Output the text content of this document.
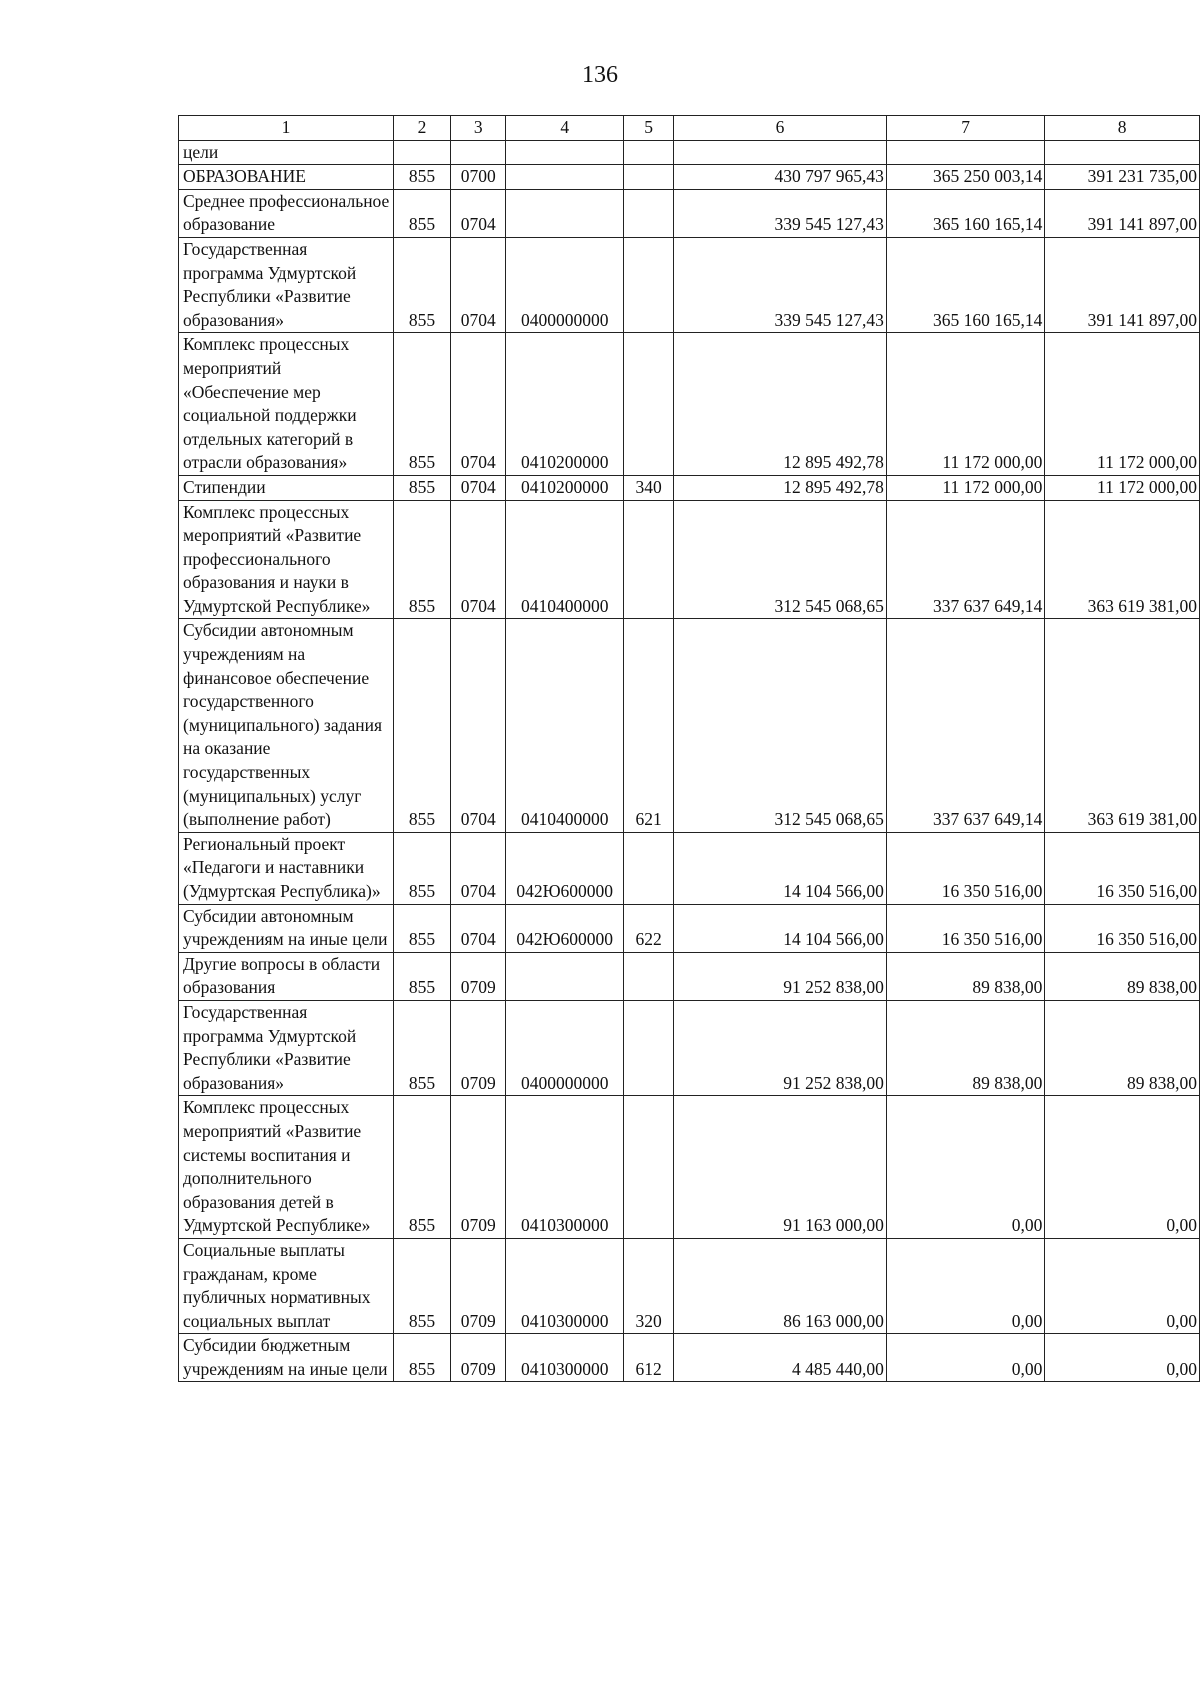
136
1	2	3	4	5	6	7	8
цели							
ОБРАЗОВАНИЕ	855	0700			430 797 965,43	365 250 003,14	391 231 735,00
Среднее профессиональное образование	855	0704			339 545 127,43	365 160 165,14	391 141 897,00
Государственная программа Удмуртской Республики «Развитие образования»	855	0704	0400000000		339 545 127,43	365 160 165,14	391 141 897,00
Комплекс процессных мероприятий «Обеспечение мер социальной поддержки отдельных категорий в отрасли образования»	855	0704	0410200000		12 895 492,78	11 172 000,00	11 172 000,00
Стипендии	855	0704	0410200000	340	12 895 492,78	11 172 000,00	11 172 000,00
Комплекс процессных мероприятий «Развитие профессионального образования и науки в Удмуртской Республике»	855	0704	0410400000		312 545 068,65	337 637 649,14	363 619 381,00
Субсидии автономным учреждениям на финансовое обеспечение государственного (муниципального) задания на оказание государственных (муниципальных) услуг (выполнение работ)	855	0704	0410400000	621	312 545 068,65	337 637 649,14	363 619 381,00
Региональный проект «Педагоги и наставники (Удмуртская Республика)»	855	0704	042Ю600000		14 104 566,00	16 350 516,00	16 350 516,00
Субсидии автономным учреждениям на иные цели	855	0704	042Ю600000	622	14 104 566,00	16 350 516,00	16 350 516,00
Другие вопросы в области образования	855	0709			91 252 838,00	89 838,00	89 838,00
Государственная программа Удмуртской Республики «Развитие образования»	855	0709	0400000000		91 252 838,00	89 838,00	89 838,00
Комплекс процессных мероприятий «Развитие системы воспитания и дополнительного образования детей в Удмуртской Республике»	855	0709	0410300000		91 163 000,00	0,00	0,00
Социальные выплаты гражданам, кроме публичных нормативных социальных выплат	855	0709	0410300000	320	86 163 000,00	0,00	0,00
Субсидии бюджетным учреждениям на иные цели	855	0709	0410300000	612	4 485 440,00	0,00	0,00
